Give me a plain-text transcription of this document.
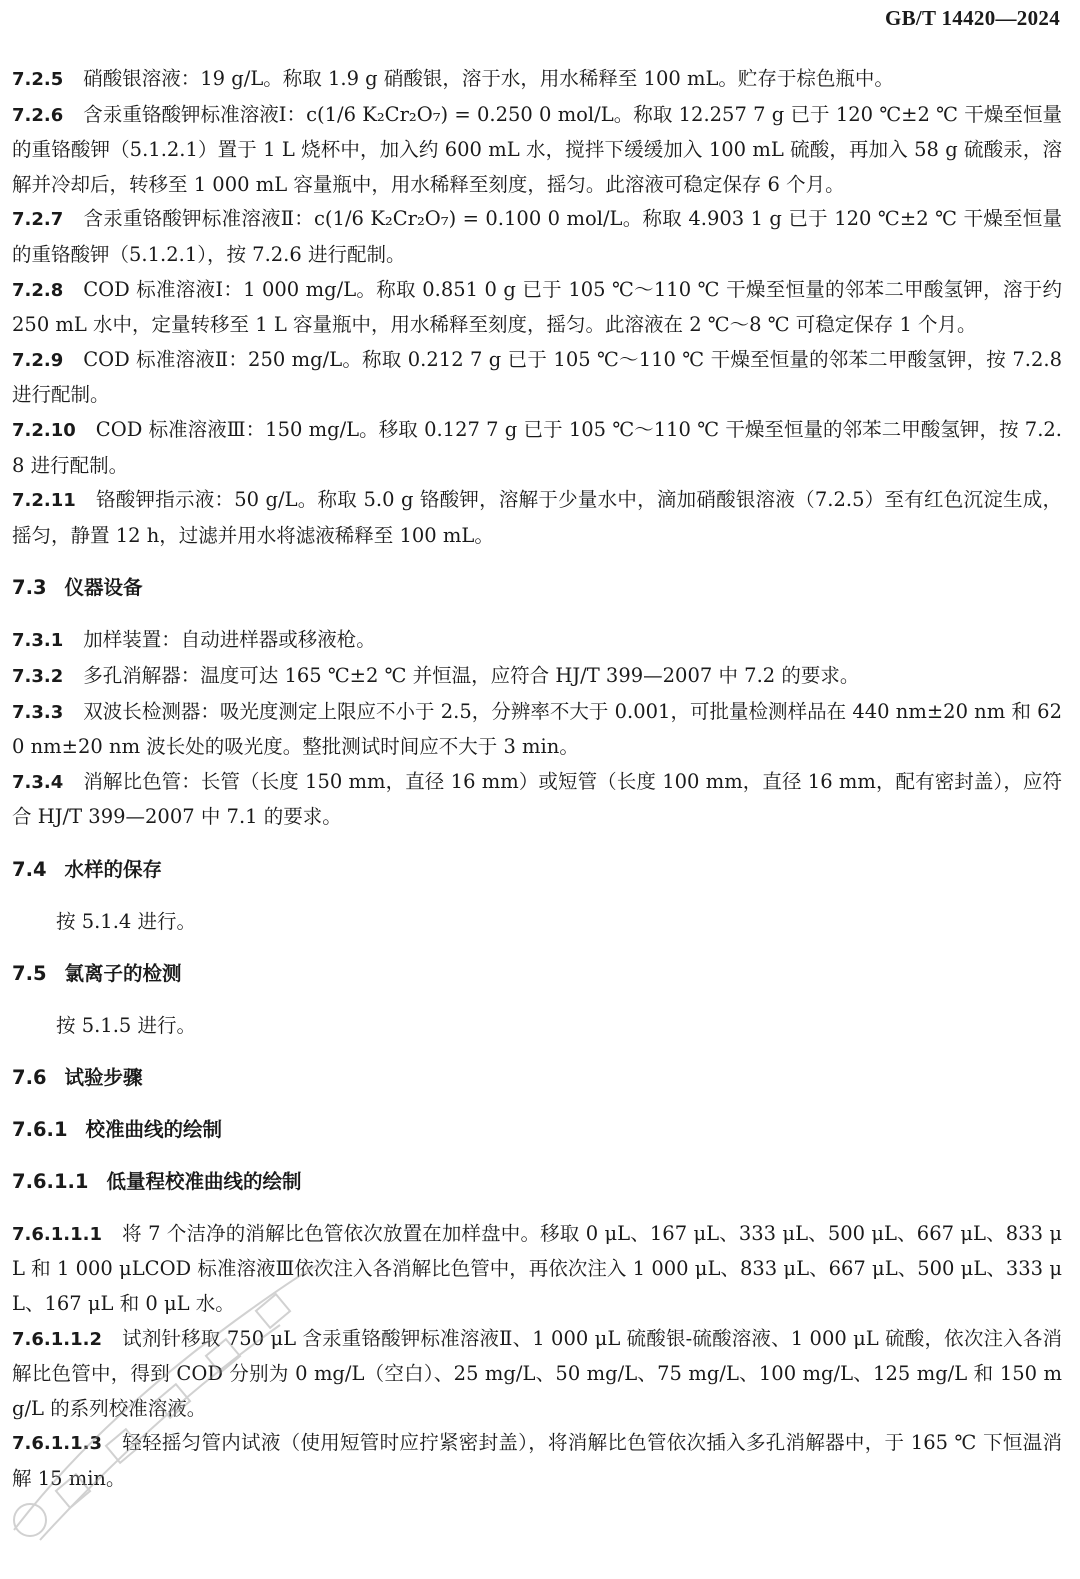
GB/T 14420—2024

7.2.5 硝酸银溶液：19 g/L。称取 1.9 g 硝酸银，溶于水，用水稀释至 100 mL。贮存于棕色瓶中。

7.2.6 含汞重铬酸钾标准溶液Ⅰ：c(1/6 K₂Cr₂O₇) = 0.250 0 mol/L。称取 12.257 7 g 已于 120 ℃±2 ℃ 干燥至恒量的重铬酸钾（5.1.2.1）置于 1 L 烧杯中，加入约 600 mL 水，搅拌下缓缓加入 100 mL 硫酸，再加入 58 g 硫酸汞，溶解并冷却后，转移至 1 000 mL 容量瓶中，用水稀释至刻度，摇匀。此溶液可稳定保存 6 个月。

7.2.7 含汞重铬酸钾标准溶液Ⅱ：c(1/6 K₂Cr₂O₇) = 0.100 0 mol/L。称取 4.903 1 g 已于 120 ℃±2 ℃ 干燥至恒量的重铬酸钾（5.1.2.1），按 7.2.6 进行配制。

7.2.8 COD 标准溶液Ⅰ：1 000 mg/L。称取 0.851 0 g 已于 105 ℃～110 ℃ 干燥至恒量的邻苯二甲酸氢钾，溶于约 250 mL 水中，定量转移至 1 L 容量瓶中，用水稀释至刻度，摇匀。此溶液在 2 ℃～8 ℃ 可稳定保存 1 个月。

7.2.9 COD 标准溶液Ⅱ：250 mg/L。称取 0.212 7 g 已于 105 ℃～110 ℃ 干燥至恒量的邻苯二甲酸氢钾，按 7.2.8 进行配制。

7.2.10 COD 标准溶液Ⅲ：150 mg/L。移取 0.127 7 g 已于 105 ℃～110 ℃ 干燥至恒量的邻苯二甲酸氢钾，按 7.2.8 进行配制。

7.2.11 铬酸钾指示液：50 g/L。称取 5.0 g 铬酸钾，溶解于少量水中，滴加硝酸银溶液（7.2.5）至有红色沉淀生成，摇匀，静置 12 h，过滤并用水将滤液稀释至 100 mL。

7.3 仪器设备

7.3.1 加样装置：自动进样器或移液枪。

7.3.2 多孔消解器：温度可达 165 ℃±2 ℃ 并恒温，应符合 HJ/T 399—2007 中 7.2 的要求。

7.3.3 双波长检测器：吸光度测定上限应不小于 2.5，分辨率不大于 0.001，可批量检测样品在 440 nm±20 nm 和 620 nm±20 nm 波长处的吸光度。整批测试时间应不大于 3 min。

7.3.4 消解比色管：长管（长度 150 mm，直径 16 mm）或短管（长度 100 mm，直径 16 mm，配有密封盖），应符合 HJ/T 399—2007 中 7.1 的要求。

7.4 水样的保存

按 5.1.4 进行。

7.5 氯离子的检测

按 5.1.5 进行。

7.6 试验步骤

7.6.1 校准曲线的绘制

7.6.1.1 低量程校准曲线的绘制

7.6.1.1.1 将 7 个洁净的消解比色管依次放置在加样盘中。移取 0 μL、167 μL、333 μL、500 μL、667 μL、833 μL 和 1 000 μLCOD 标准溶液Ⅲ依次注入各消解比色管中，再依次注入 1 000 μL、833 μL、667 μL、500 μL、333 μL、167 μL 和 0 μL 水。

7.6.1.1.2 试剂针移取 750 μL 含汞重铬酸钾标准溶液Ⅱ、1 000 μL 硫酸银-硫酸溶液、1 000 μL 硫酸，依次注入各消解比色管中，得到 COD 分别为 0 mg/L（空白）、25 mg/L、50 mg/L、75 mg/L、100 mg/L、125 mg/L 和 150 mg/L 的系列校准溶液。

7.6.1.1.3 轻轻摇匀管内试液（使用短管时应拧紧密封盖），将消解比色管依次插入多孔消解器中，于 165 ℃ 下恒温消解 15 min。
